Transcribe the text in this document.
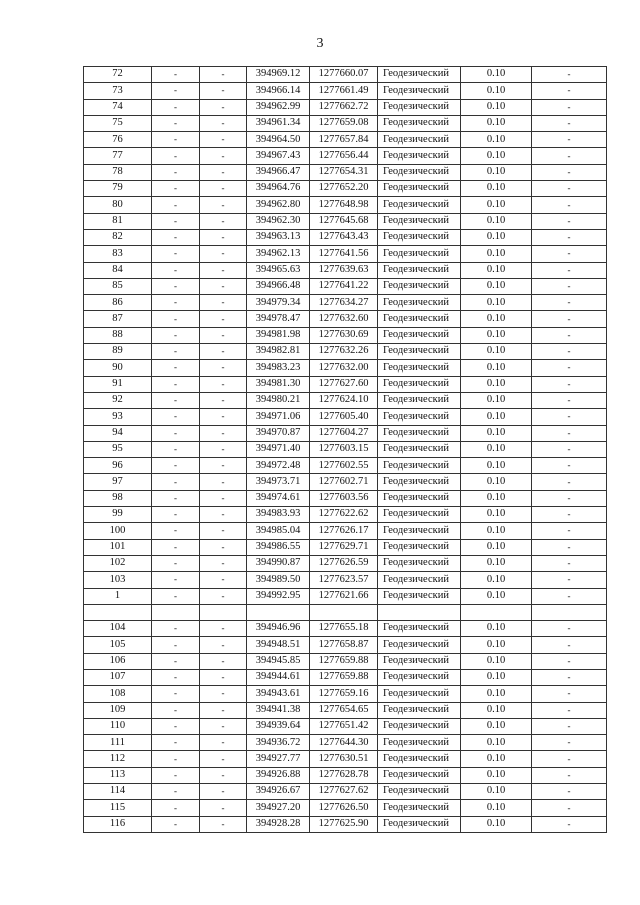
3
72	-	-	394969.12	1277660.07	Геодезический	0.10	-
73	-	-	394966.14	1277661.49	Геодезический	0.10	-
74	-	-	394962.99	1277662.72	Геодезический	0.10	-
75	-	-	394961.34	1277659.08	Геодезический	0.10	-
76	-	-	394964.50	1277657.84	Геодезический	0.10	-
77	-	-	394967.43	1277656.44	Геодезический	0.10	-
78	-	-	394966.47	1277654.31	Геодезический	0.10	-
79	-	-	394964.76	1277652.20	Геодезический	0.10	-
80	-	-	394962.80	1277648.98	Геодезический	0.10	-
81	-	-	394962.30	1277645.68	Геодезический	0.10	-
82	-	-	394963.13	1277643.43	Геодезический	0.10	-
83	-	-	394962.13	1277641.56	Геодезический	0.10	-
84	-	-	394965.63	1277639.63	Геодезический	0.10	-
85	-	-	394966.48	1277641.22	Геодезический	0.10	-
86	-	-	394979.34	1277634.27	Геодезический	0.10	-
87	-	-	394978.47	1277632.60	Геодезический	0.10	-
88	-	-	394981.98	1277630.69	Геодезический	0.10	-
89	-	-	394982.81	1277632.26	Геодезический	0.10	-
90	-	-	394983.23	1277632.00	Геодезический	0.10	-
91	-	-	394981.30	1277627.60	Геодезический	0.10	-
92	-	-	394980.21	1277624.10	Геодезический	0.10	-
93	-	-	394971.06	1277605.40	Геодезический	0.10	-
94	-	-	394970.87	1277604.27	Геодезический	0.10	-
95	-	-	394971.40	1277603.15	Геодезический	0.10	-
96	-	-	394972.48	1277602.55	Геодезический	0.10	-
97	-	-	394973.71	1277602.71	Геодезический	0.10	-
98	-	-	394974.61	1277603.56	Геодезический	0.10	-
99	-	-	394983.93	1277622.62	Геодезический	0.10	-
100	-	-	394985.04	1277626.17	Геодезический	0.10	-
101	-	-	394986.55	1277629.71	Геодезический	0.10	-
102	-	-	394990.87	1277626.59	Геодезический	0.10	-
103	-	-	394989.50	1277623.57	Геодезический	0.10	-
1	-	-	394992.95	1277621.66	Геодезический	0.10	-

104	-	-	394946.96	1277655.18	Геодезический	0.10	-
105	-	-	394948.51	1277658.87	Геодезический	0.10	-
106	-	-	394945.85	1277659.88	Геодезический	0.10	-
107	-	-	394944.61	1277659.88	Геодезический	0.10	-
108	-	-	394943.61	1277659.16	Геодезический	0.10	-
109	-	-	394941.38	1277654.65	Геодезический	0.10	-
110	-	-	394939.64	1277651.42	Геодезический	0.10	-
111	-	-	394936.72	1277644.30	Геодезический	0.10	-
112	-	-	394927.77	1277630.51	Геодезический	0.10	-
113	-	-	394926.88	1277628.78	Геодезический	0.10	-
114	-	-	394926.67	1277627.62	Геодезический	0.10	-
115	-	-	394927.20	1277626.50	Геодезический	0.10	-
116	-	-	394928.28	1277625.90	Геодезический	0.10	-
